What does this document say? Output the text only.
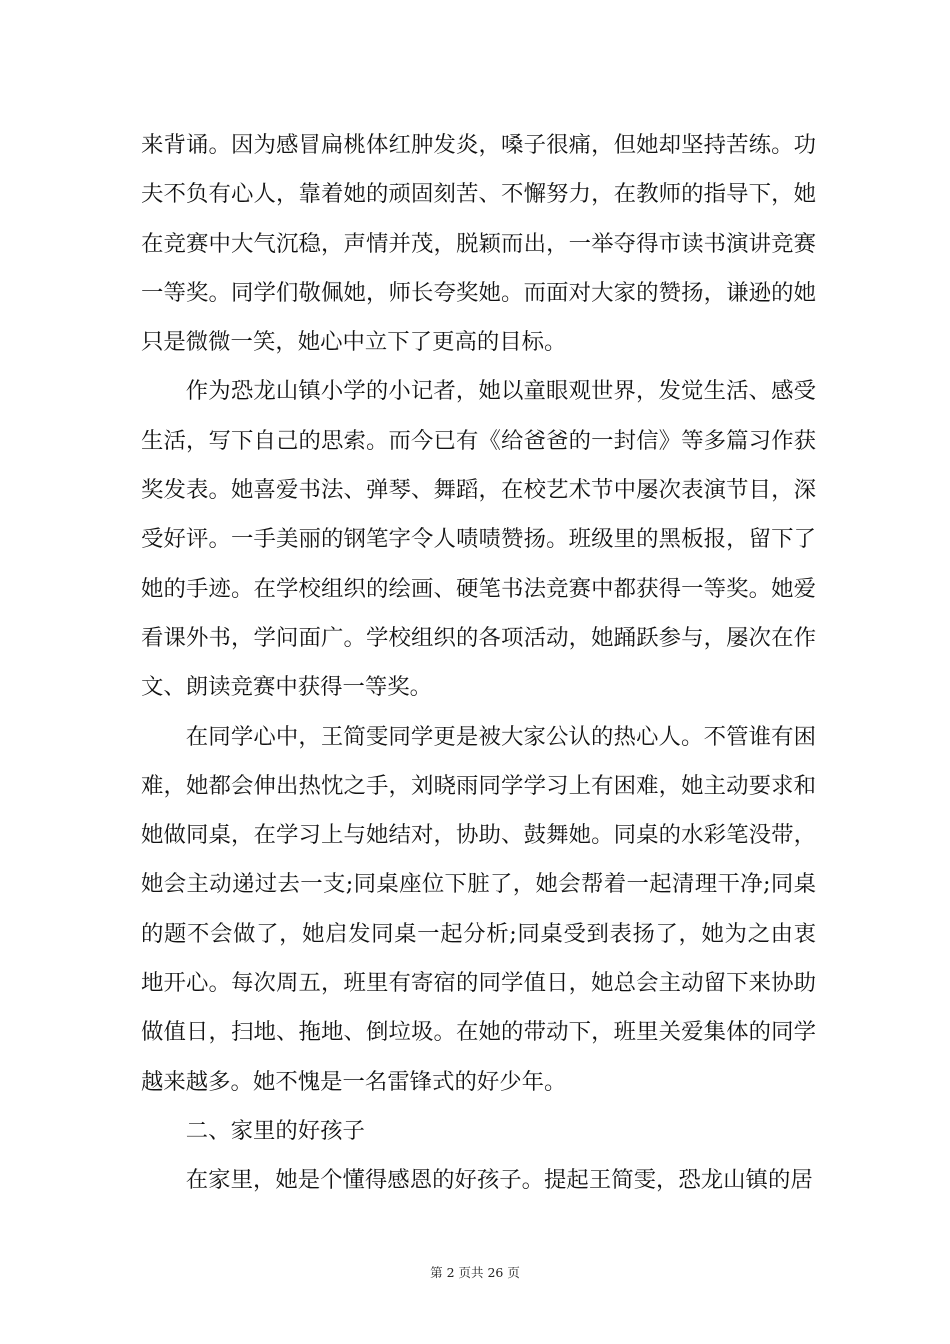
来背诵。因为感冒扁桃体红肿发炎，嗓子很痛，但她却坚持苦练。功夫不负有心人，靠着她的顽固刻苦、不懈努力，在教师的指导下，她在竞赛中大气沉稳，声情并茂，脱颖而出，一举夺得市读书演讲竞赛一等奖。同学们敬佩她，师长夸奖她。而面对大家的赞扬，谦逊的她只是微微一笑，她心中立下了更高的目标。

作为恐龙山镇小学的小记者，她以童眼观世界，发觉生活、感受生活，写下自己的思索。而今已有《给爸爸的一封信》等多篇习作获奖发表。她喜爱书法、弹琴、舞蹈，在校艺术节中屡次表演节目，深受好评。一手美丽的钢笔字令人啧啧赞扬。班级里的黑板报，留下了她的手迹。在学校组织的绘画、硬笔书法竞赛中都获得一等奖。她爱看课外书，学问面广。学校组织的各项活动，她踊跃参与，屡次在作文、朗读竞赛中获得一等奖。

在同学心中，王简雯同学更是被大家公认的热心人。不管谁有困难，她都会伸出热忱之手，刘晓雨同学学习上有困难，她主动要求和她做同桌，在学习上与她结对，协助、鼓舞她。同桌的水彩笔没带，她会主动递过去一支;同桌座位下脏了，她会帮着一起清理干净;同桌的题不会做了，她启发同桌一起分析;同桌受到表扬了，她为之由衷地开心。每次周五，班里有寄宿的同学值日，她总会主动留下来协助做值日，扫地、拖地、倒垃圾。在她的带动下，班里关爱集体的同学越来越多。她不愧是一名雷锋式的好少年。

二、家里的好孩子

在家里，她是个懂得感恩的好孩子。提起王简雯，恐龙山镇的居

第 2 页共 26 页
